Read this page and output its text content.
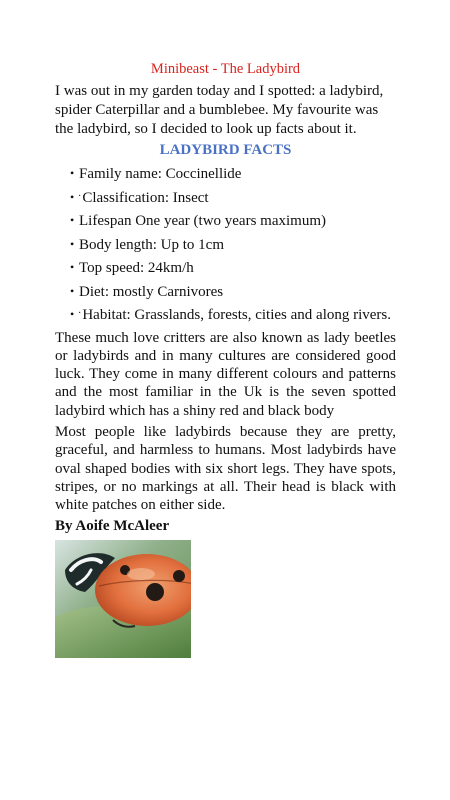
Minibeast - The Ladybird

I was out in my garden today and I spotted: a ladybird, spider Caterpillar and a bumblebee. My favourite was the ladybird, so I decided to look up facts about it.

LADYBIRD FACTS

• Family name: Coccinellide
• ·Classification: Insect
• Lifespan One year (two years maximum)
• Body length: Up to 1cm
• Top speed: 24km/h
• Diet: mostly Carnivores
• ·Habitat: Grasslands, forests, cities and along rivers.

These much love critters are also known as lady beetles or ladybirds and in many cultures are considered good luck. They come in many different colours and patterns and the most familiar in the Uk is the seven spotted ladybird which has a shiny red and black body

Most people like ladybirds because they are pretty, graceful, and harmless to humans. Most ladybirds have oval shaped bodies with six short legs. They have spots, stripes, or no markings at all. Their head is black with white patches on either side.

By Aoife McAleer
